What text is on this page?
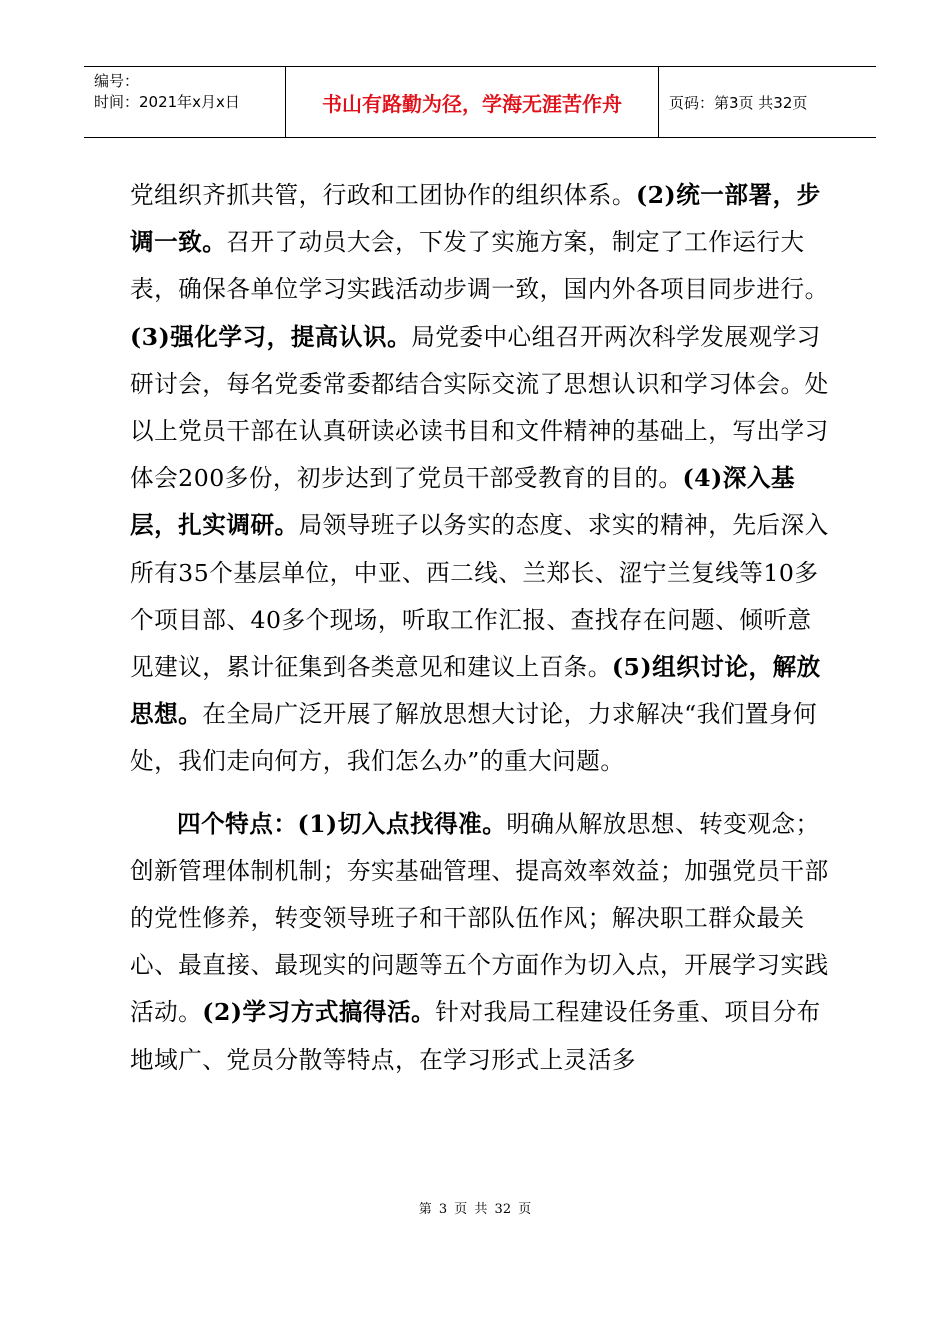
编号：
时间：2021年x月x日	书山有路勤为径，学海无涯苦作舟	页码：第3页 共32页

党组织齐抓共管，行政和工团协作的组织体系。(2)统一部署，步调一致。召开了动员大会，下发了实施方案，制定了工作运行大表，确保各单位学习实践活动步调一致，国内外各项目同步进行。(3)强化学习，提高认识。局党委中心组召开两次科学发展观学习研讨会，每名党委常委都结合实际交流了思想认识和学习体会。处以上党员干部在认真研读必读书目和文件精神的基础上，写出学习体会200多份，初步达到了党员干部受教育的目的。(4)深入基层，扎实调研。局领导班子以务实的态度、求实的精神，先后深入所有35个基层单位，中亚、西二线、兰郑长、涩宁兰复线等10多个项目部、40多个现场，听取工作汇报、查找存在问题、倾听意见建议，累计征集到各类意见和建议上百条。(5)组织讨论，解放思想。在全局广泛开展了解放思想大讨论，力求解决“我们置身何处，我们走向何方，我们怎么办”的重大问题。

四个特点：(1)切入点找得准。明确从解放思想、转变观念；创新管理体制机制；夯实基础管理、提高效率效益；加强党员干部的党性修养，转变领导班子和干部队伍作风；解决职工群众最关心、最直接、最现实的问题等五个方面作为切入点，开展学习实践活动。(2)学习方式搞得活。针对我局工程建设任务重、项目分布地域广、党员分散等特点，在学习形式上灵活多

第 3 页 共 32 页
